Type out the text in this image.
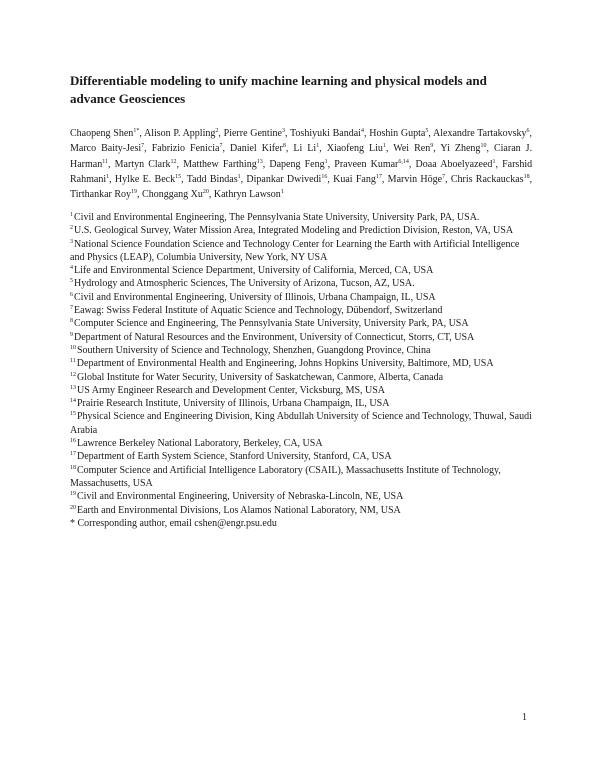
Differentiable modeling to unify machine learning and physical models and advance Geosciences
Chaopeng Shen$^{1*}$, Alison P. Appling$^2$, Pierre Gentine$^3$, Toshiyuki Bandai$^4$, Hoshin Gupta$^5$, Alexandre Tartakovsky$^6$, Marco Baity-Jesi$^7$, Fabrizio Fenicia$^7$, Daniel Kifer$^8$, Li Li$^1$, Xiaofeng Liu$^1$, Wei Ren$^9$, Yi Zheng$^{10}$, Ciaran J. Harman$^{11}$, Martyn Clark$^{12}$, Matthew Farthing$^{13}$, Dapeng Feng$^1$, Praveen Kumar$^{6,14}$, Doaa Aboelyazeed$^1$, Farshid Rahmani$^1$, Hylke E. Beck$^{15}$, Tadd Bindas$^1$, Dipankar Dwivedi$^{16}$, Kuai Fang$^{17}$, Marvin Höge$^7$, Chris Rackauckas$^{18}$, Tirthankar Roy$^{19}$, Chonggang Xu$^{20}$, Kathryn Lawson$^1$
$^1$Civil and Environmental Engineering, The Pennsylvania State University, University Park, PA, USA.
$^2$U.S. Geological Survey, Water Mission Area, Integrated Modeling and Prediction Division, Reston, VA, USA
$^3$National Science Foundation Science and Technology Center for Learning the Earth with Artificial Intelligence and Physics (LEAP), Columbia University, New York, NY USA
$^4$Life and Environmental Science Department, University of California, Merced, CA, USA
$^5$Hydrology and Atmospheric Sciences, The University of Arizona, Tucson, AZ, USA.
$^6$Civil and Environmental Engineering, University of Illinois, Urbana Champaign, IL, USA
$^7$Eawag: Swiss Federal Institute of Aquatic Science and Technology, Dübendorf, Switzerland
$^8$Computer Science and Engineering, The Pennsylvania State University, University Park, PA, USA
$^9$Department of Natural Resources and the Environment, University of Connecticut, Storrs, CT, USA
$^{10}$Southern University of Science and Technology, Shenzhen, Guangdong Province, China
$^{11}$Department of Environmental Health and Engineering, Johns Hopkins University, Baltimore, MD, USA
$^{12}$Global Institute for Water Security, University of Saskatchewan, Canmore, Alberta, Canada
$^{13}$US Army Engineer Research and Development Center, Vicksburg, MS, USA
$^{14}$Prairie Research Institute, University of Illinois, Urbana Champaign, IL, USA
$^{15}$Physical Science and Engineering Division, King Abdullah University of Science and Technology, Thuwal, Saudi Arabia
$^{16}$Lawrence Berkeley National Laboratory, Berkeley, CA, USA
$^{17}$Department of Earth System Science, Stanford University, Stanford, CA, USA
$^{18}$Computer Science and Artificial Intelligence Laboratory (CSAIL), Massachusetts Institute of Technology, Massachusetts, USA
$^{19}$Civil and Environmental Engineering, University of Nebraska-Lincoln, NE, USA
$^{20}$Earth and Environmental Divisions, Los Alamos National Laboratory, NM, USA
* Corresponding author, email cshen@engr.psu.edu
1
